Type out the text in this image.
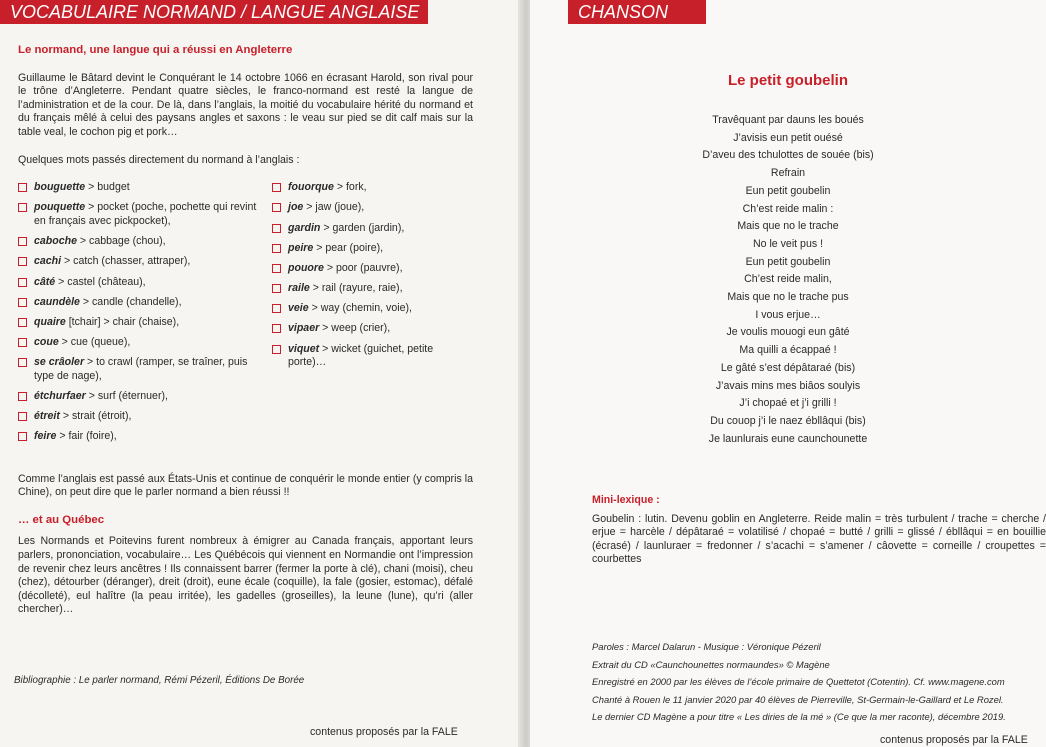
VOCABULAIRE NORMAND / LANGUE ANGLAISE
Le normand, une langue qui a réussi en Angleterre

Guillaume le Bâtard devint le Conquérant le 14 octobre 1066 en écrasant Harold, son rival pour le trône d’Angleterre. Pendant quatre siècles, le franco-normand est resté la langue de l’administration et de la cour. De là, dans l’anglais, la moitié du vocabulaire hérité du normand et du français mêlé à celui des paysans angles et saxons : le veau sur pied se dit calf mais sur la table veal, le cochon pig et pork…

Quelques mots passés directement du normand à l’anglais :

bouguette > budget
pouquette > pocket (poche, pochette qui revint en français avec pickpocket),
caboche > cabbage (chou),
cachi > catch (chasser, attraper),
câté > castel (château),
caundèle > candle (chandelle),
quaire [tchair] > chair (chaise),
coue > cue (queue),
se crâoler > to crawl (ramper, se traîner, puis type de nage),
étchurfaer > surf (éternuer),
étreit > strait (étroit),
feire > fair (foire),
fouorque > fork,
joe > jaw (joue),
gardin > garden (jardin),
peire > pear (poire),
pouore > poor (pauvre),
raile > rail (rayure, raie),
veie > way (chemin, voie),
vipaer > weep (crier),
viquet > wicket (guichet, petite porte)…

Comme l’anglais est passé aux États-Unis et continue de conquérir le monde entier (y compris la Chine), on peut dire que le parler normand a bien réussi !!

… et au Québec

Les Normands et Poitevins furent nombreux à émigrer au Canada français, apportant leurs parlers, prononciation, vocabulaire… Les Québécois qui viennent en Normandie ont l’impression de revenir chez leurs ancêtres ! Ils connaissent barrer (fermer la porte à clé), chani (moisi), cheu (chez), détourber (déranger), dreit (droit), eune écale (coquille), la fale (gosier, estomac), défalé (décolleté), eul halître (la peau irritée), les gadelles (groseilles), la leune (lune), qu’ri (aller chercher)…

Bibliographie : Le parler normand, Rémi Pézeril, Éditions De Borée
contenus proposés par la FALE
CHANSON
Le petit goubelin
Travêquant par dauns les boués
J’avisis eun petit ouésé
D’aveu des tchulottes de souée (bis)
Refrain
Eun petit goubelin
Ch’est reide malin :
Mais que no le trache
No le veit pus !
Eun petit goubelin
Ch’est reide malin,
Mais que no le trache pus
I vous erjue…
Je voulis mouogi eun gâté
Ma quilli a écappaé !
Le gâté s’est dépâtaraé (bis)
J’avais mins mes biâos soulyis
J’i chopaé et j’i grilli !
Du couop j’i le naez ébllâqui (bis)
Je launlurais eune caunchounette
Mini-lexique :

Goubelin : lutin. Devenu goblin en Angleterre. Reide malin = très turbulent / trache = cherche / erjue = harcèle / dépâtaraé = volatilisé / chopaé = butté / grilli = glissé / ébllâqui = en bouillie (écrasé) / launluraer = fredonner / s’acachi = s’amener / câovette = corneille / croupettes = courbettes

Paroles : Marcel Dalarun - Musique : Véronique Pézeril
Extrait du CD «Caunchounettes normaundes» © Magène
Enregistré en 2000 par les élèves de l’école primaire de Quettetot (Cotentin). Cf. www.magene.com
Chanté à Rouen le 11 janvier 2020 par 40 élèves de Pierreville, St-Germain-le-Gaillard et Le Rozel.
Le dernier CD Magène a pour titre « Les diries de la mé » (Ce que la mer raconte), décembre 2019.
contenus proposés par la FALE
